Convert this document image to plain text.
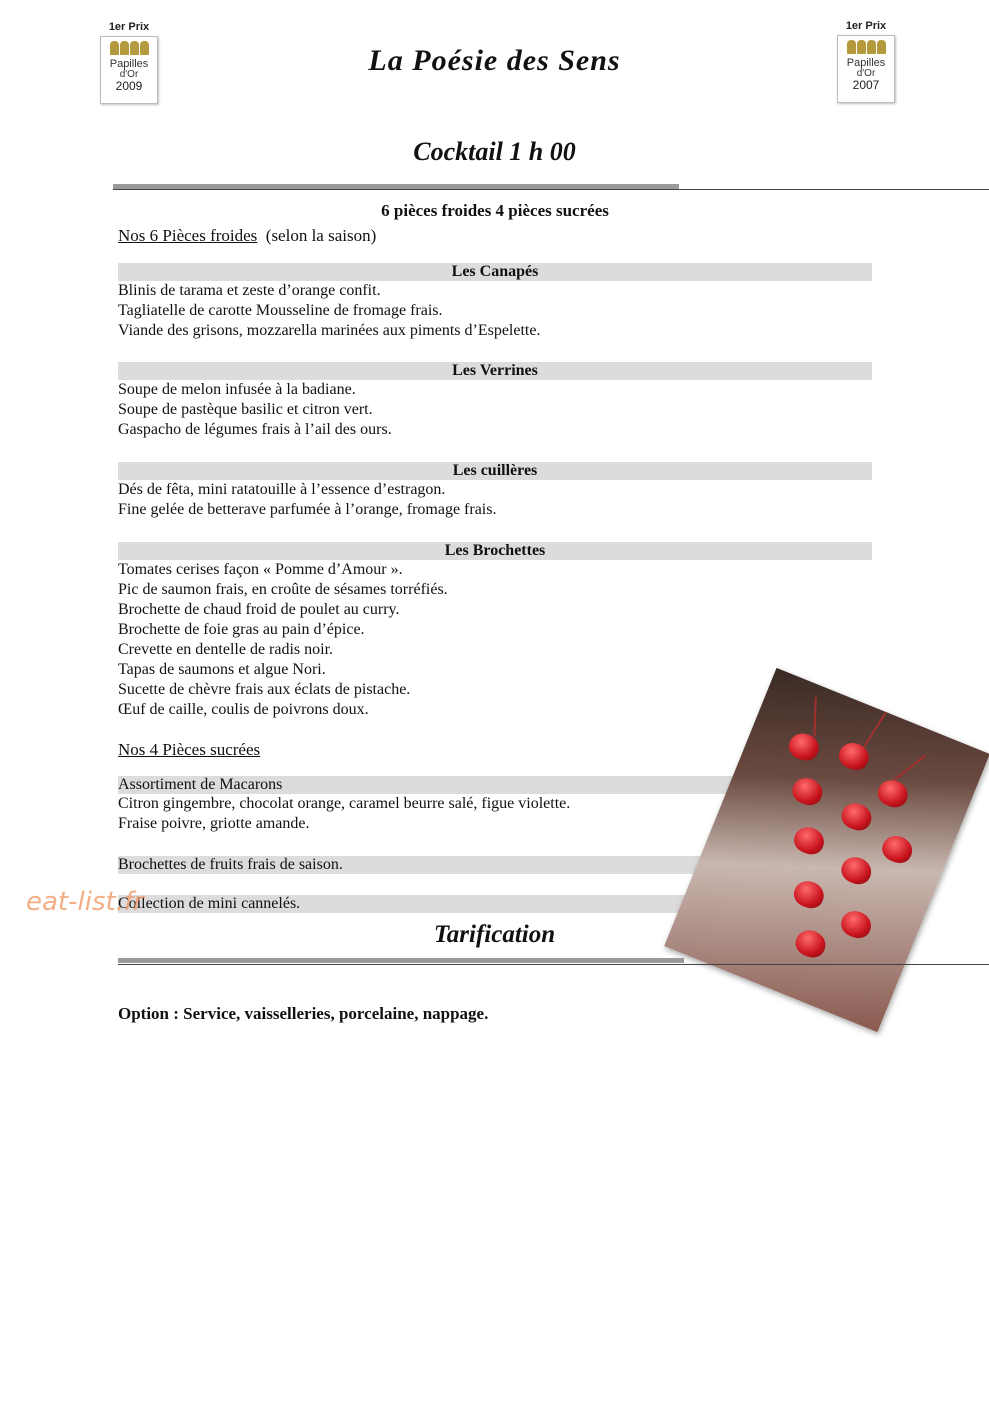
1er Prix
Papilles
d'Or
2009
1er Prix
Papilles
d'Or
2007
La Poésie des Sens
Cocktail 1 h 00
6 pièces froides 4 pièces sucrées
Nos 6 Pièces froides (selon la saison)
Les Canapés
Blinis de tarama et zeste d’orange confit.
Tagliatelle de carotte Mousseline de fromage frais.
Viande des grisons, mozzarella marinées aux piments d’Espelette.
Les Verrines
Soupe de melon infusée à la badiane.
Soupe de pastèque basilic et citron vert.
Gaspacho de légumes frais à l’ail des ours.
Les cuillères
Dés de fêta, mini ratatouille à l’essence d’estragon.
Fine gelée de betterave parfumée à l’orange, fromage frais.
Les Brochettes
Tomates cerises façon « Pomme d’Amour ».
Pic de saumon frais, en croûte de sésames torréfiés.
Brochette de chaud froid de poulet au curry.
Brochette de foie gras au pain d’épice.
Crevette en dentelle de radis noir.
Tapas de saumons et algue Nori.
Sucette de chèvre frais aux éclats de pistache.
Œuf de caille, coulis de poivrons doux.
Nos 4 Pièces sucrées
Assortiment de Macarons
Citron gingembre, chocolat orange, caramel beurre salé, figue violette.
Fraise poivre, griotte amande.
Brochettes de fruits frais de saison.
Collection de mini cannelés.
eat-list.fr
Tarification
Option : Service, vaisselleries, porcelaine, nappage.
